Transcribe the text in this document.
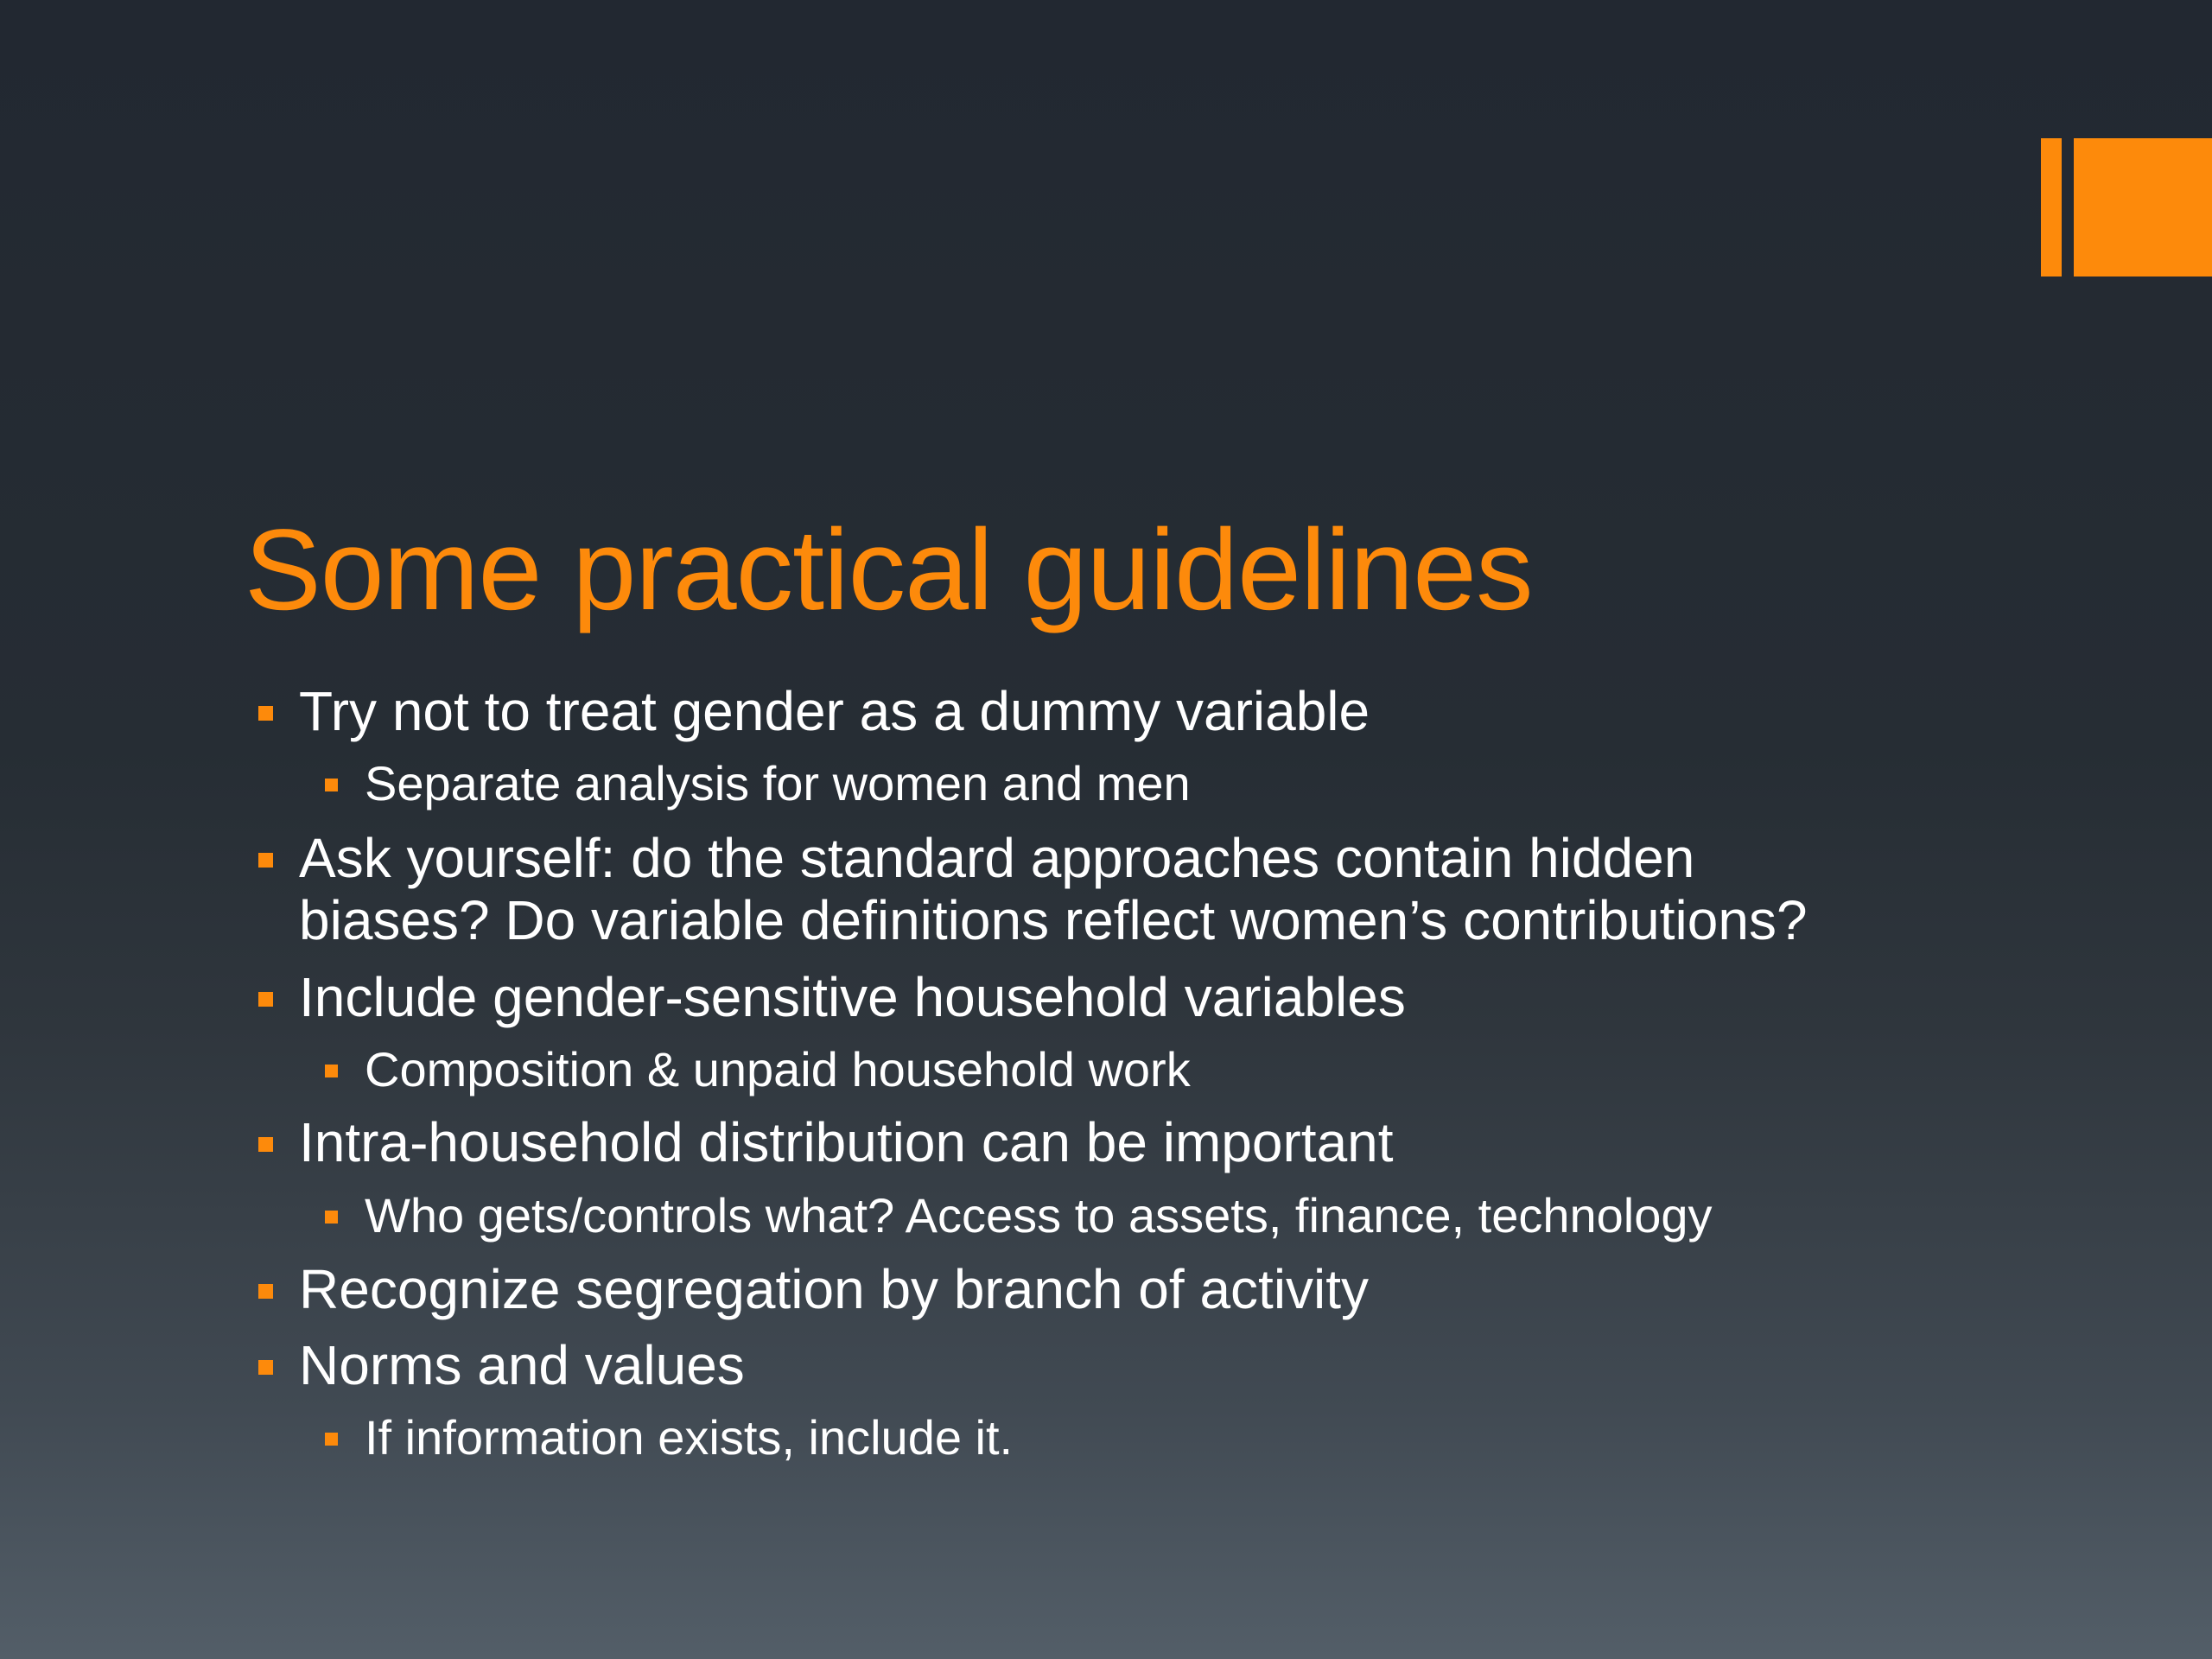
Some practical guidelines
Try not to treat gender as a dummy variable
Separate analysis for women and men
Ask yourself: do the standard approaches contain hidden
biases? Do variable definitions reflect women’s contributions?
Include gender-sensitive household variables
Composition & unpaid household work
Intra-household distribution can be important
Who gets/controls what? Access to assets, finance, technology
Recognize segregation by branch of activity
Norms and values
If information exists, include it.
